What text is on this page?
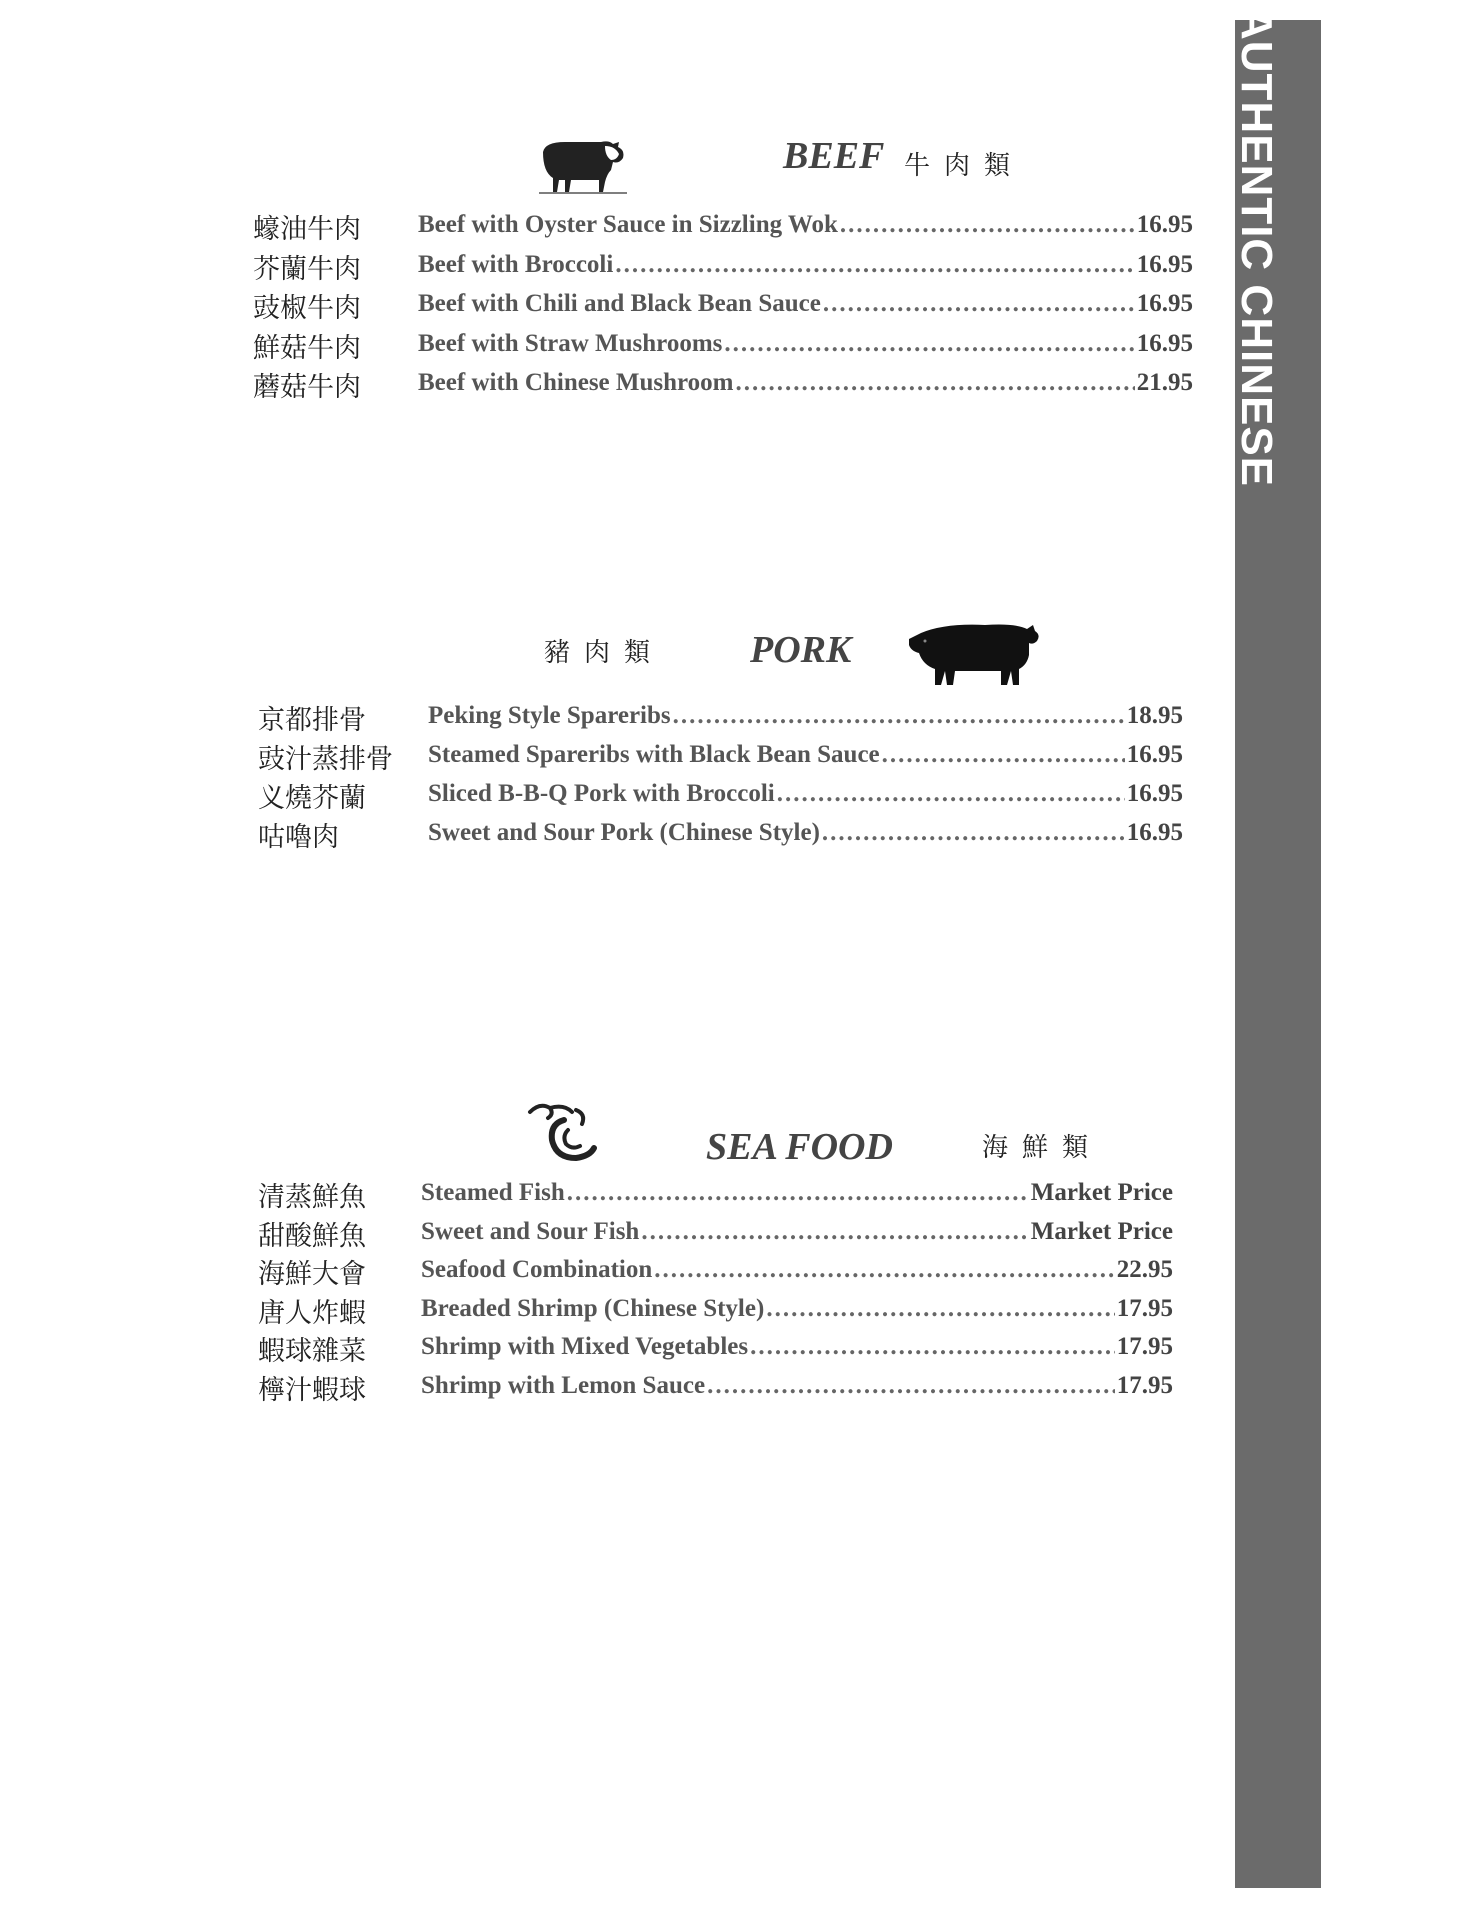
AUTHENTIC CHINESE
BEEF 牛肉類
蠔油牛肉	Beef with Oyster Sauce in Sizzling Wok .....	16.95
芥蘭牛肉	Beef with Broccoli .....	16.95
豉椒牛肉	Beef with Chili and Black Bean Sauce .....	16.95
鮮菇牛肉	Beef with Straw Mushrooms .....	16.95
蘑菇牛肉	Beef with Chinese Mushroom .....	21.95
豬肉類 PORK
京都排骨	Peking Style Spareribs .....	18.95
豉汁蒸排骨	Steamed Spareribs with Black Bean Sauce .....	16.95
义燒芥蘭	Sliced B-B-Q Pork with Broccoli .....	16.95
咕嚕肉	Sweet and Sour Pork (Chinese Style) .....	16.95
SEA FOOD	海鮮類
清蒸鮮魚	Steamed Fish .....	Market Price
甜酸鮮魚	Sweet and Sour Fish .....	Market Price
海鮮大會	Seafood Combination .....	22.95
唐人炸蝦	Breaded Shrimp (Chinese Style) .....	17.95
蝦球雜菜	Shrimp with Mixed Vegetables .....	17.95
檸汁蝦球	Shrimp with Lemon Sauce .....	17.95
